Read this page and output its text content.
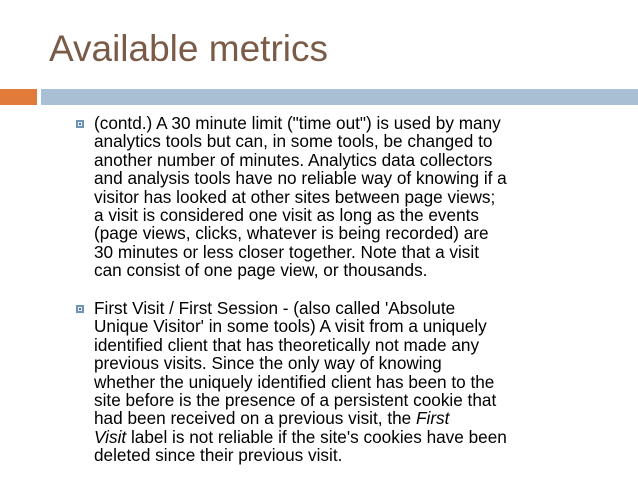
Available metrics
(contd.) A 30 minute limit ("time out") is used by many
analytics tools but can, in some tools, be changed to
another number of minutes. Analytics data collectors
and analysis tools have no reliable way of knowing if a
visitor has looked at other sites between page views;
a visit is considered one visit as long as the events
(page views, clicks, whatever is being recorded) are
30 minutes or less closer together. Note that a visit
can consist of one page view, or thousands.
First Visit / First Session - (also called 'Absolute
Unique Visitor' in some tools) A visit from a uniquely
identified client that has theoretically not made any
previous visits. Since the only way of knowing
whether the uniquely identified client has been to the
site before is the presence of a persistent cookie that
had been received on a previous visit, the First
Visit label is not reliable if the site's cookies have been
deleted since their previous visit.
